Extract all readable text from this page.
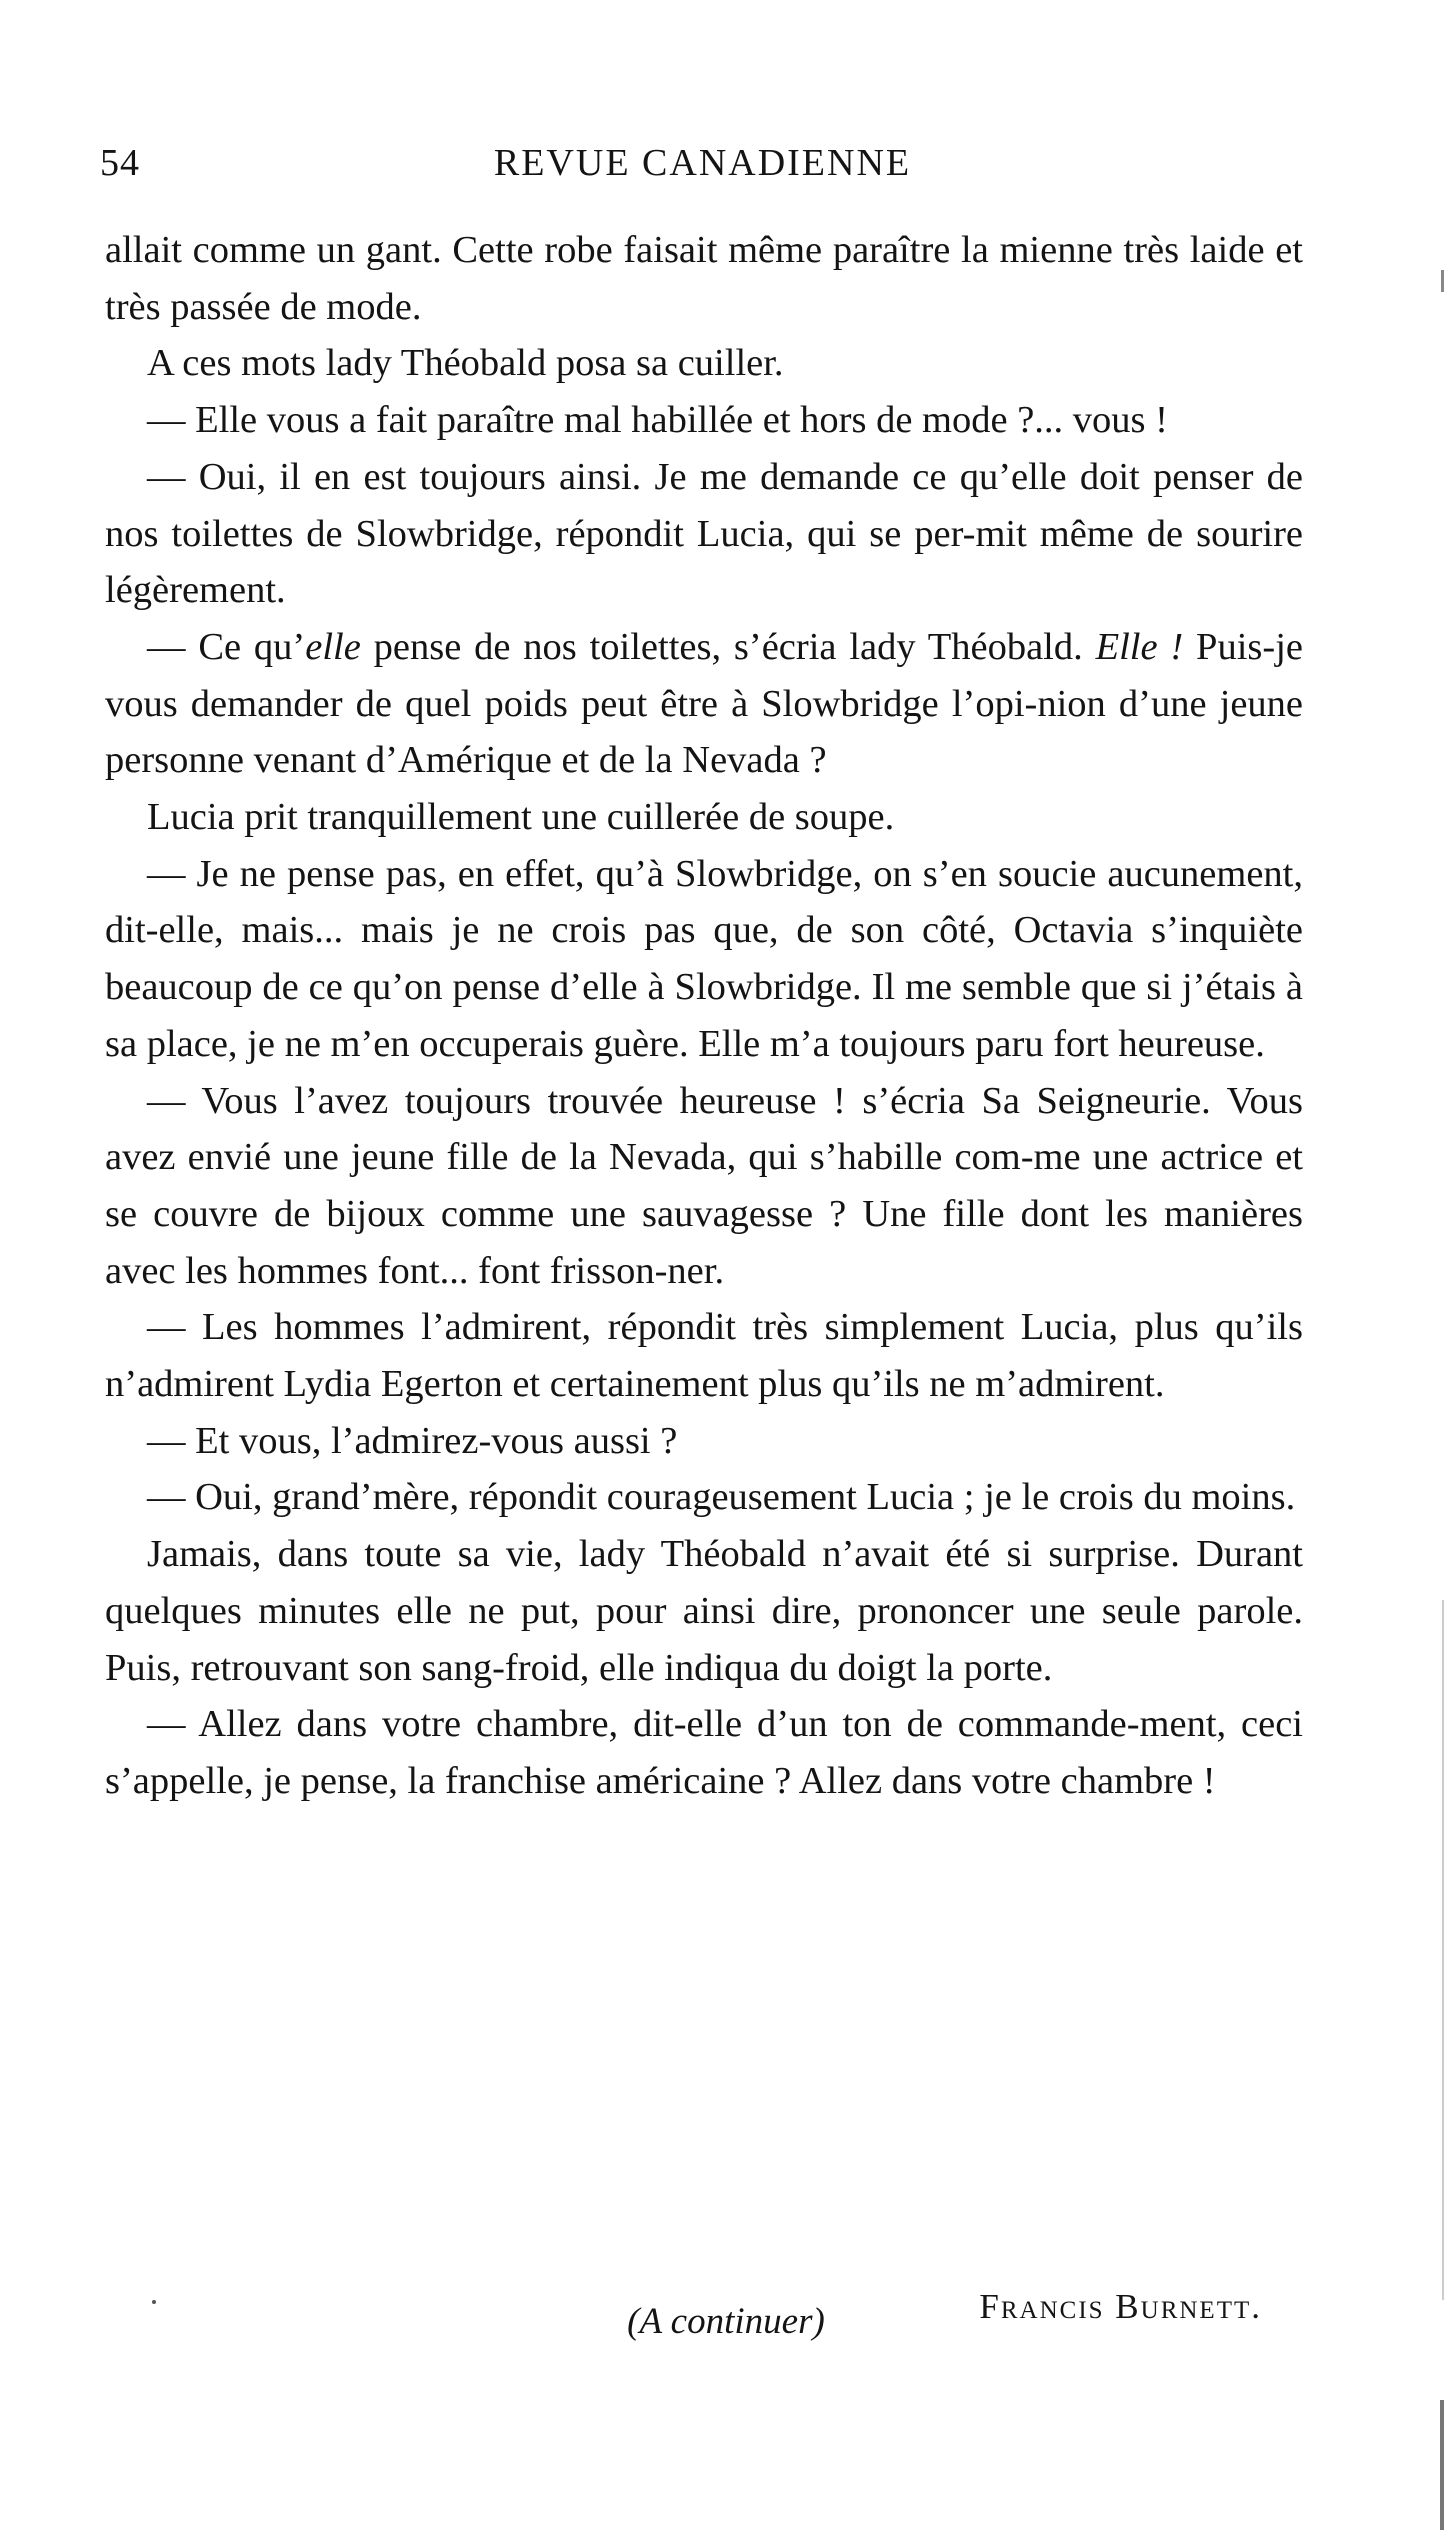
54	REVUE CANADIENNE

allait comme un gant. Cette robe faisait même paraître la mienne très laide et très passée de mode.

A ces mots lady Théobald posa sa cuiller.

— Elle vous a fait paraître mal habillée et hors de mode ?... vous !

— Oui, il en est toujours ainsi. Je me demande ce qu’elle doit penser de nos toilettes de Slowbridge, répondit Lucia, qui se per-mit même de sourire légèrement.

— Ce qu’elle pense de nos toilettes, s’écria lady Théobald. Elle ! Puis-je vous demander de quel poids peut être à Slowbridge l’opi-nion d’une jeune personne venant d’Amérique et de la Nevada ?

Lucia prit tranquillement une cuillerée de soupe.

— Je ne pense pas, en effet, qu’à Slowbridge, on s’en soucie aucunement, dit-elle, mais... mais je ne crois pas que, de son côté, Octavia s’inquiète beaucoup de ce qu’on pense d’elle à Slowbridge. Il me semble que si j’étais à sa place, je ne m’en occuperais guère. Elle m’a toujours paru fort heureuse.

— Vous l’avez toujours trouvée heureuse ! s’écria Sa Seigneurie. Vous avez envié une jeune fille de la Nevada, qui s’habille com-me une actrice et se couvre de bijoux comme une sauvagesse ? Une fille dont les manières avec les hommes font... font frisson-ner.

— Les hommes l’admirent, répondit très simplement Lucia, plus qu’ils n’admirent Lydia Egerton et certainement plus qu’ils ne m’admirent.

— Et vous, l’admirez-vous aussi ?

— Oui, grand’mère, répondit courageusement Lucia ; je le crois du moins.

Jamais, dans toute sa vie, lady Théobald n’avait été si surprise. Durant quelques minutes elle ne put, pour ainsi dire, prononcer une seule parole. Puis, retrouvant son sang-froid, elle indiqua du doigt la porte.

— Allez dans votre chambre, dit-elle d’un ton de commande-ment, ceci s’appelle, je pense, la franchise américaine ? Allez dans votre chambre !

Francis Burnett.
(A continuer)
